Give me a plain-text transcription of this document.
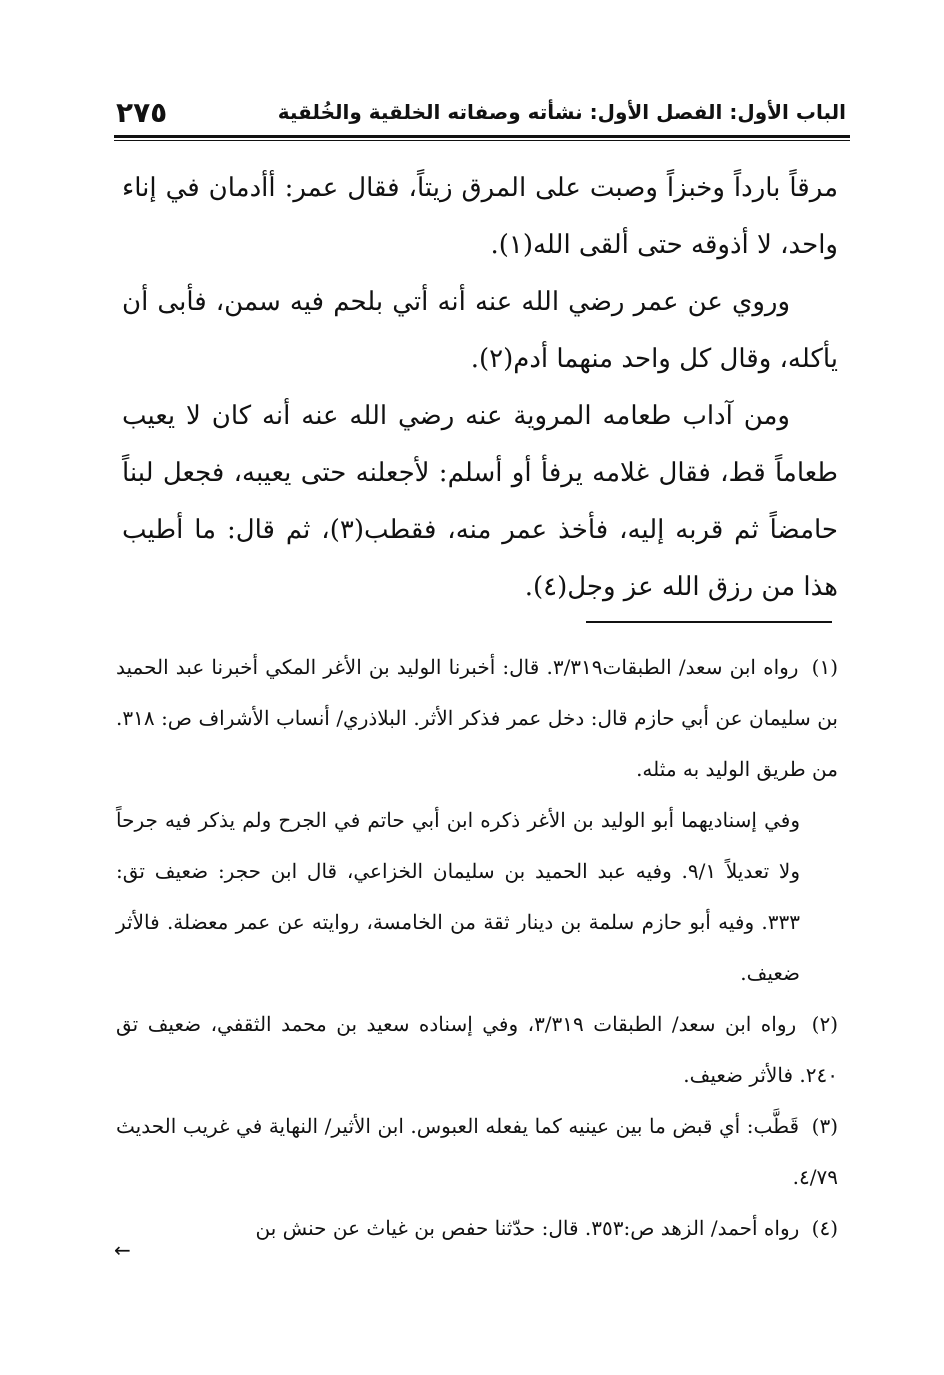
الباب الأول: الفصل الأول: نشأته وصفاته الخلقية والخُلقية
٢٧٥

مرقاً بارداً وخبزاً وصبت على المرق زيتاً، فقال عمر: أأدمان في إناء واحد، لا أذوقه حتى ألقى الله(١).

وروي عن عمر رضي الله عنه أنه أتي بلحم فيه سمن، فأبى أن يأكله، وقال كل واحد منهما أدم(٢).

ومن آداب طعامه المروية عنه رضي الله عنه أنه كان لا يعيب طعاماً قط، فقال غلامه يرفأ أو أسلم: لأجعلنه حتى يعيبه، فجعل لبناً حامضاً ثم قربه إليه، فأخذ عمر منه، فقطب(٣)، ثم قال: ما أطيب هذا من رزق الله عز وجل(٤).

(١) رواه ابن سعد/ الطبقات٣/٣١٩. قال: أخبرنا الوليد بن الأغر المكي أخبرنا عبد الحميد بن سليمان عن أبي حازم قال: دخل عمر فذكر الأثر. البلاذري/ أنساب الأشراف ص: ٣١٨. من طريق الوليد به مثله.

وفي إسناديهما أبو الوليد بن الأغر ذكره ابن أبي حاتم في الجرح ولم يذكر فيه جرحاً ولا تعديلاً ٩/١. وفيه عبد الحميد بن سليمان الخزاعي، قال ابن حجر: ضعيف تق: ٣٣٣. وفيه أبو حازم سلمة بن دينار ثقة من الخامسة، روايته عن عمر معضلة. فالأثر ضعيف.

(٢) رواه ابن سعد/ الطبقات ٣/٣١٩، وفي إسناده سعيد بن محمد الثقفي، ضعيف تق ٢٤٠. فالأثر ضعيف.

(٣) قَطَّب: أي قبض ما بين عينيه كما يفعله العبوس. ابن الأثير/ النهاية في غريب الحديث ٤/٧٩.

(٤) رواه أحمد/ الزهد ص:٣٥٣. قال: حدّثنا حفص بن غياث عن حنش بن

←
